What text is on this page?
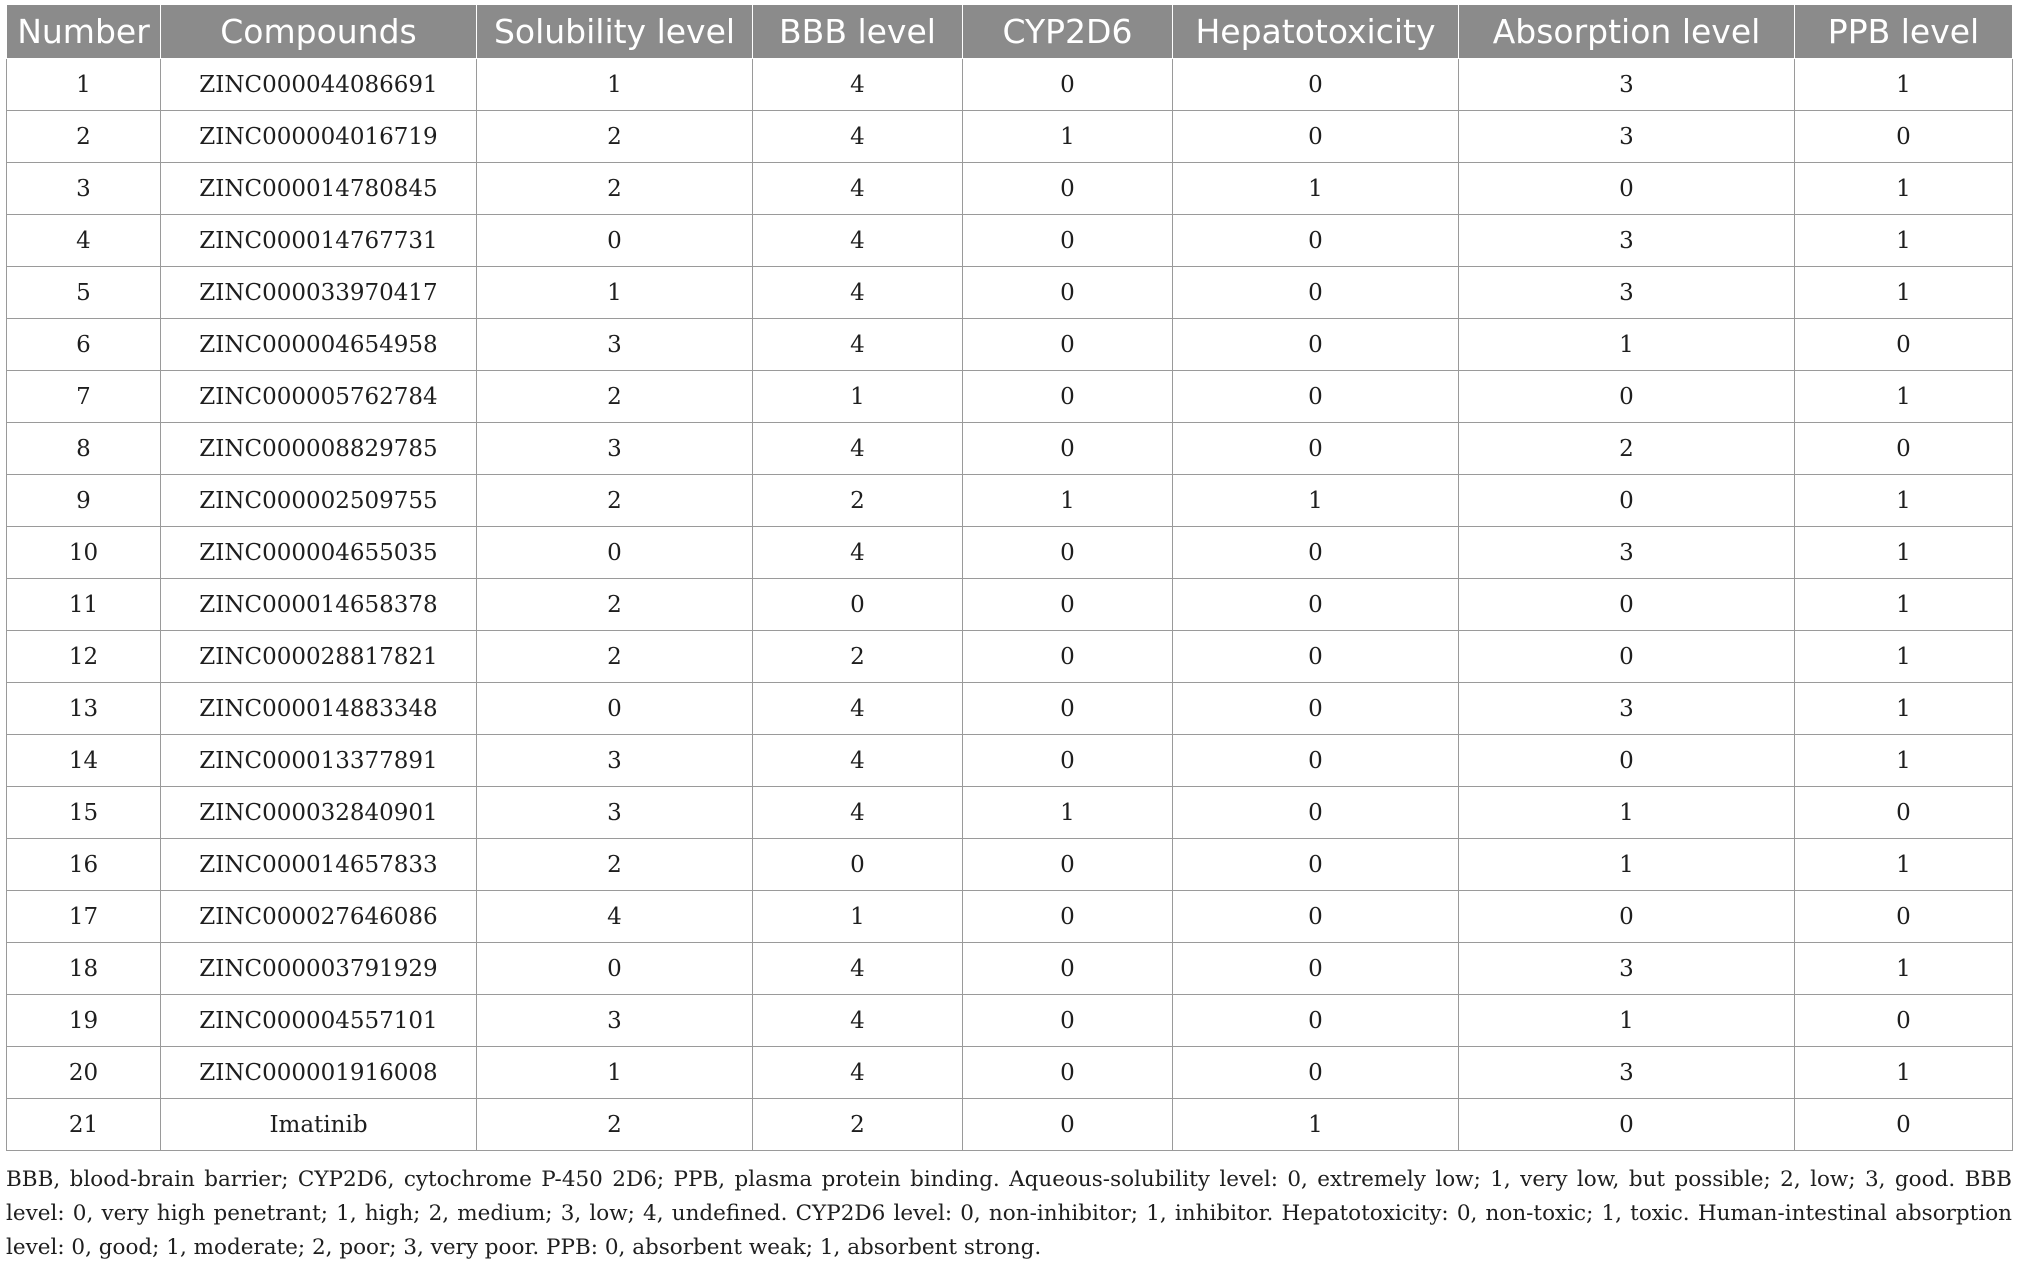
Number	Compounds	Solubility level	BBB level	CYP2D6	Hepatotoxicity	Absorption level	PPB level
1	ZINC000044086691	1	4	0	0	3	1
2	ZINC000004016719	2	4	1	0	3	0
3	ZINC000014780845	2	4	0	1	0	1
4	ZINC000014767731	0	4	0	0	3	1
5	ZINC000033970417	1	4	0	0	3	1
6	ZINC000004654958	3	4	0	0	1	0
7	ZINC000005762784	2	1	0	0	0	1
8	ZINC000008829785	3	4	0	0	2	0
9	ZINC000002509755	2	2	1	1	0	1
10	ZINC000004655035	0	4	0	0	3	1
11	ZINC000014658378	2	0	0	0	0	1
12	ZINC000028817821	2	2	0	0	0	1
13	ZINC000014883348	0	4	0	0	3	1
14	ZINC000013377891	3	4	0	0	0	1
15	ZINC000032840901	3	4	1	0	1	0
16	ZINC000014657833	2	0	0	0	1	1
17	ZINC000027646086	4	1	0	0	0	0
18	ZINC000003791929	0	4	0	0	3	1
19	ZINC000004557101	3	4	0	0	1	0
20	ZINC000001916008	1	4	0	0	3	1
21	Imatinib	2	2	0	1	0	0

BBB, blood-brain barrier; CYP2D6, cytochrome P-450 2D6; PPB, plasma protein binding. Aqueous-solubility level: 0, extremely low; 1, very low, but possible; 2, low; 3, good. BBB level: 0, very high penetrant; 1, high; 2, medium; 3, low; 4, undefined. CYP2D6 level: 0, non-inhibitor; 1, inhibitor. Hepatotoxicity: 0, non-toxic; 1, toxic. Human-intestinal absorption level: 0, good; 1, moderate; 2, poor; 3, very poor. PPB: 0, absorbent weak; 1, absorbent strong.
